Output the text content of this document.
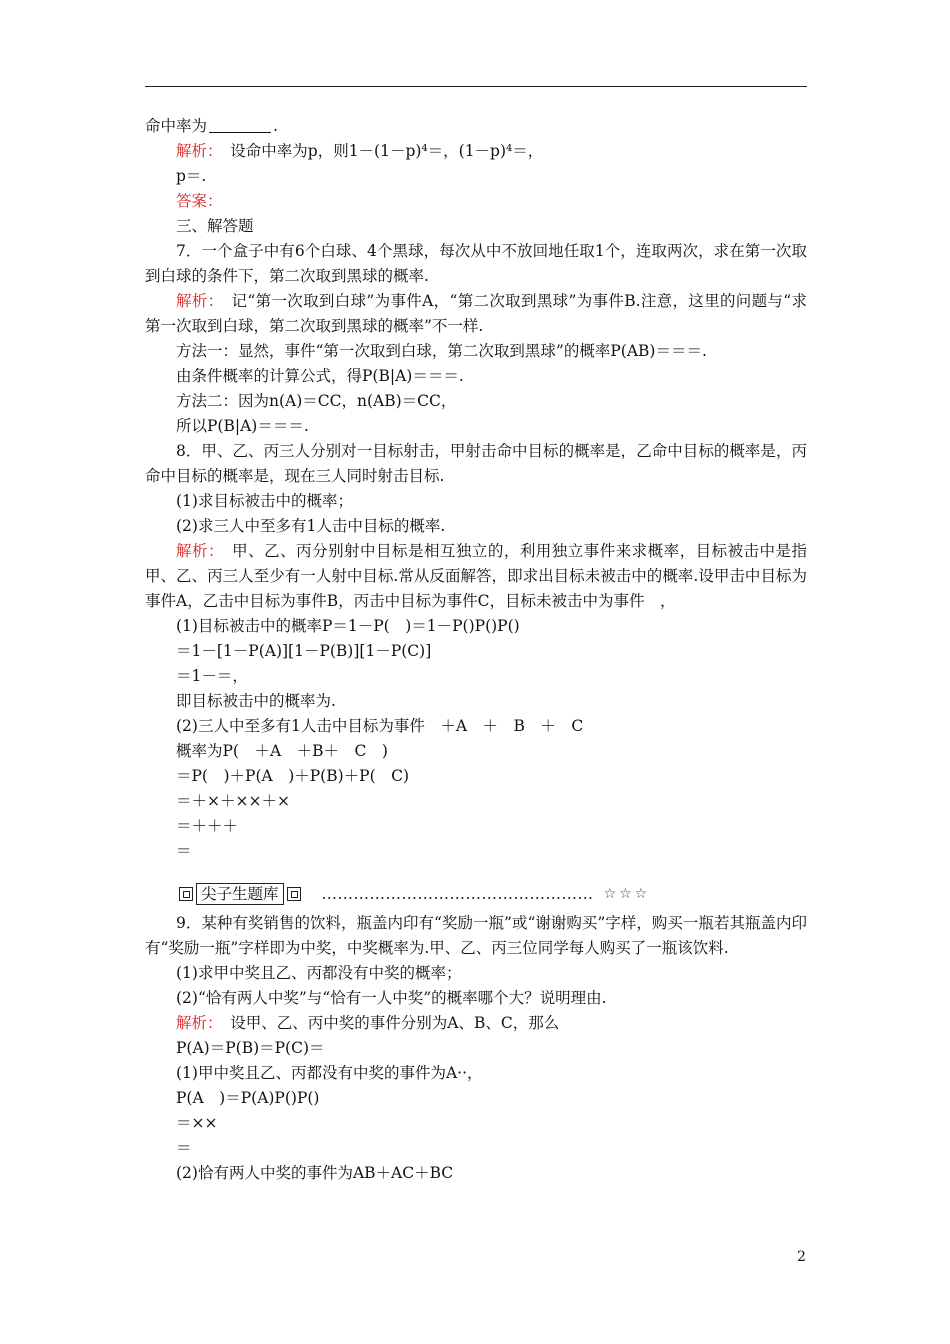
命中率为	.

解析：　设命中率为p，则1－(1－p)⁴＝，(1－p)⁴＝，

p＝.

答案：

三、解答题

7．一个盒子中有6个白球、4个黑球，每次从中不放回地任取1个，连取两次，求在第一次取到白球的条件下，第二次取到黑球的概率.

解析：　记“第一次取到白球”为事件A，“第二次取到黑球”为事件B.注意，这里的问题与“求第一次取到白球，第二次取到黑球的概率”不一样.

方法一：显然，事件“第一次取到白球，第二次取到黑球”的概率P(AB)＝＝＝.

由条件概率的计算公式，得P(B|A)＝＝＝.

方法二：因为n(A)＝CC，n(AB)＝CC，

所以P(B|A)＝＝＝.

8．甲、乙、丙三人分别对一目标射击，甲射击命中目标的概率是，乙命中目标的概率是，丙命中目标的概率是，现在三人同时射击目标.

(1)求目标被击中的概率；

(2)求三人中至多有1人击中目标的概率.

解析：　甲、乙、丙分别射中目标是相互独立的，利用独立事件来求概率，目标被击中是指甲、乙、丙三人至少有一人射中目标.常从反面解答，即求出目标未被击中的概率.设甲击中目标为事件A，乙击中目标为事件B，丙击中目标为事件C，目标未被击中为事件　，

(1)目标被击中的概率P＝1－P(　)＝1－P()P()P()

＝1－[1－P(A)][1－P(B)][1－P(C)]

＝1－＝，

即目标被击中的概率为.

(2)三人中至多有1人击中目标为事件　＋A　＋　B　＋　C

概率为P(　＋A　＋B＋　C　)

＝P(　)＋P(A　)＋P(B)＋P(　C)

＝＋×＋××＋×

＝＋＋＋

＝

尖子生题库	…………………………………………… ☆☆☆

9．某种有奖销售的饮料，瓶盖内印有“奖励一瓶”或“谢谢购买”字样，购买一瓶若其瓶盖内印有“奖励一瓶”字样即为中奖，中奖概率为.甲、乙、丙三位同学每人购买了一瓶该饮料.

(1)求甲中奖且乙、丙都没有中奖的概率；

(2)“恰有两人中奖”与“恰有一人中奖”的概率哪个大？说明理由.

解析：　设甲、乙、丙中奖的事件分别为A、B、C，那么

P(A)＝P(B)＝P(C)＝

(1)甲中奖且乙、丙都没有中奖的事件为A··，

P(A　)＝P(A)P()P()

＝××

＝

(2)恰有两人中奖的事件为AB＋AC＋BC

2
